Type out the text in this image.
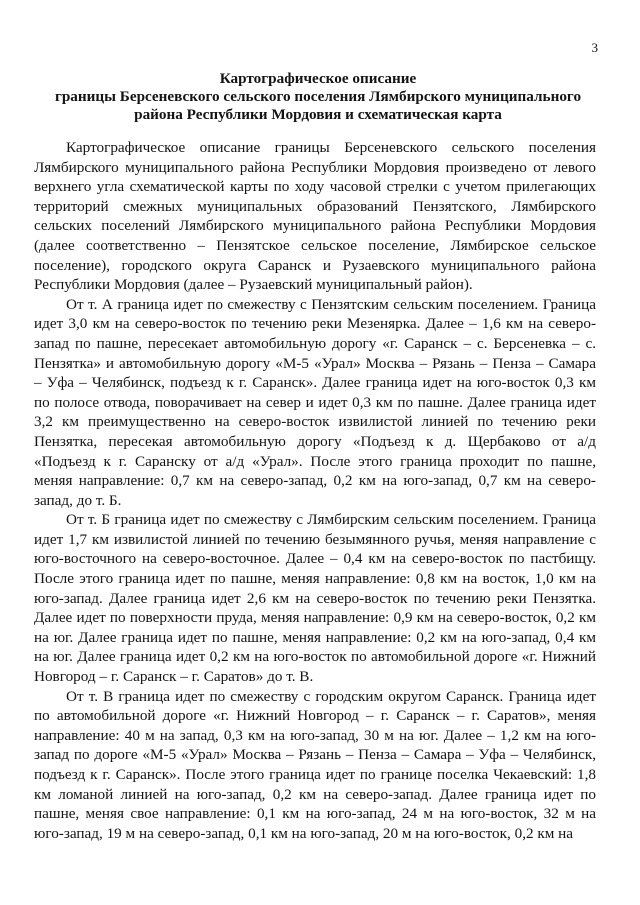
3
Картографическое описание
границы Берсеневского сельского поселения Лямбирского муниципального
района Республики Мордовия и схематическая карта
Картографическое описание границы Берсеневского сельского поселения
Лямбирского муниципального района Республики Мордовия произведено от левого
верхнего угла схематической карты по ходу часовой стрелки с учетом прилегающих
территорий смежных муниципальных образований Пензятского, Лямбирского
сельских поселений Лямбирского муниципального района Республики Мордовия
(далее соответственно – Пензятское сельское поселение, Лямбирское сельское
поселение), городского округа Саранск и Рузаевского муниципального района
Республики Мордовия (далее – Рузаевский муниципальный район).
От т. А граница идет по смежеству с Пензятским сельским поселением. Граница
идет 3,0 км на северо-восток по течению реки Мезенярка. Далее – 1,6 км на северо-
запад по пашне, пересекает автомобильную дорогу «г. Саранск – с. Берсеневка – с.
Пензятка» и автомобильную дорогу «М-5 «Урал» Москва – Рязань – Пенза – Самара
– Уфа – Челябинск, подъезд к г. Саранск». Далее граница идет на юго-восток 0,3 км
по полосе отвода, поворачивает на север и идет 0,3 км по пашне. Далее граница идет
3,2 км преимущественно на северо-восток извилистой линией по течению реки
Пензятка, пересекая автомобильную дорогу «Подъезд к д. Щербаково от а/д
«Подъезд к г. Саранску от а/д «Урал». После этого граница проходит по пашне,
меняя направление: 0,7 км на северо-запад, 0,2 км на юго-запад, 0,7 км на северо-
запад, до т. Б.
От т. Б граница идет по смежеству с Лямбирским сельским поселением. Граница
идет 1,7 км извилистой линией по течению безымянного ручья, меняя направление с
юго-восточного на северо-восточное. Далее – 0,4 км на северо-восток по пастбищу.
После этого граница идет по пашне, меняя направление: 0,8 км на восток, 1,0 км на
юго-запад. Далее граница идет 2,6 км на северо-восток по течению реки Пензятка.
Далее идет по поверхности пруда, меняя направление: 0,9 км на северо-восток, 0,2 км
на юг. Далее граница идет по пашне, меняя направление: 0,2 км на юго-запад, 0,4 км
на юг. Далее граница идет 0,2 км на юго-восток по автомобильной дороге «г. Нижний
Новгород – г. Саранск – г. Саратов» до т. В.
От т. В граница идет по смежеству с городским округом Саранск. Граница идет
по автомобильной дороге «г. Нижний Новгород – г. Саранск – г. Саратов», меняя
направление: 40 м на запад, 0,3 км на юго-запад, 30 м на юг. Далее – 1,2 км на юго-
запад по дороге «М-5 «Урал» Москва – Рязань – Пенза – Самара – Уфа – Челябинск,
подъезд к г. Саранск». После этого граница идет по границе поселка Чекаевский: 1,8
км ломаной линией на юго-запад, 0,2 км на северо-запад. Далее граница идет по
пашне, меняя свое направление: 0,1 км на юго-запад, 24 м на юго-восток, 32 м на
юго-запад, 19 м на северо-запад, 0,1 км на юго-запад, 20 м на юго-восток, 0,2 км на
